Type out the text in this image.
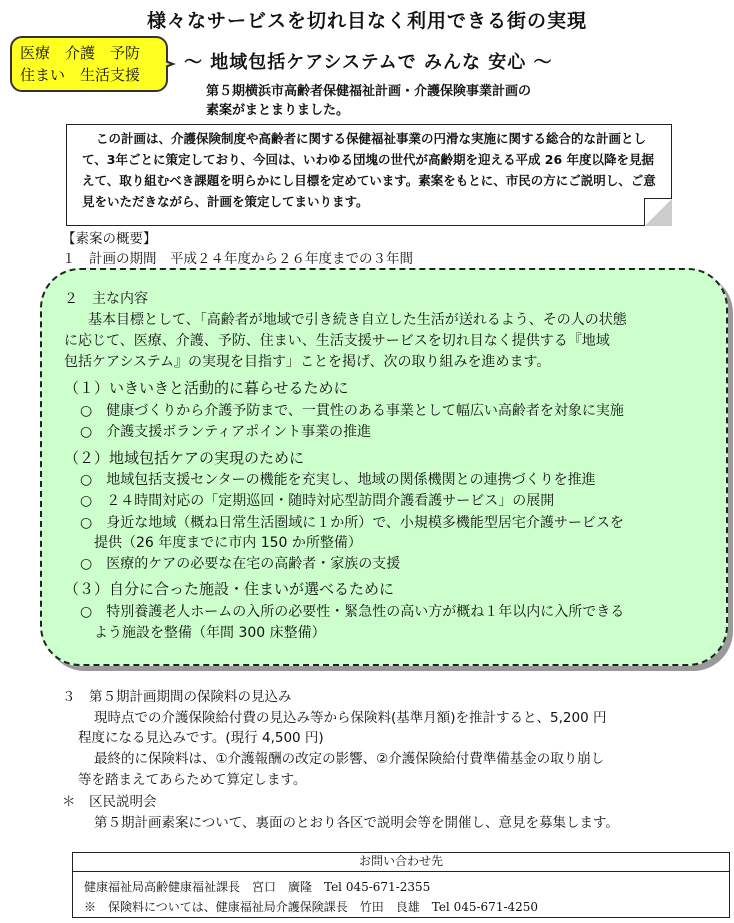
様々なサービスを切れ目なく利用できる街の実現
医療　介護　予防
住まい　生活支援
～ 地域包括ケアシステムで みんな 安心 ～
第５期横浜市高齢者保健福祉計画・介護保険事業計画の
素案がまとまりました。
この計画は、介護保険制度や高齢者に関する保健福祉事業の円滑な実施に関する総合的な計画として、3年ごとに策定しており、今回は、いわゆる団塊の世代が高齢期を迎える平成 26 年度以降を見据えて、取り組むべき課題を明らかにし目標を定めています。素案をもとに、市民の方にご説明し、ご意見をいただきながら、計画を策定してまいります。
【素案の概要】
１　計画の期間　平成２４年度から２６年度までの３年間
２　主な内容
基本目標として、「高齢者が地域で引き続き自立した生活が送れるよう、その人の状態
に応じて、医療、介護、予防、住まい、生活支援サービスを切れ目なく提供する『地域
包括ケアシステム』の実現を目指す」ことを掲げ、次の取り組みを進めます。
（１）いきいきと活動的に暮らせるために
○　健康づくりから介護予防まで、一貫性のある事業として幅広い高齢者を対象に実施
○　介護支援ボランティアポイント事業の推進
（２）地域包括ケアの実現のために
○　地域包括支援センターの機能を充実し、地域の関係機関との連携づくりを推進
○　２４時間対応の「定期巡回・随時対応型訪問介護看護サービス」の展開
○　身近な地域（概ね日常生活圏域に１か所）で、小規模多機能型居宅介護サービスを
提供（26 年度までに市内 150 か所整備）
○　医療的ケアの必要な在宅の高齢者・家族の支援
（３）自分に合った施設・住まいが選べるために
○　特別養護老人ホームの入所の必要性・緊急性の高い方が概ね１年以内に入所できる
よう施設を整備（年間 300 床整備）
３　第５期計画期間の保険料の見込み
現時点での介護保険給付費の見込み等から保険料(基準月額)を推計すると、5,200 円
程度になる見込みです。(現行 4,500 円)
最終的に保険料は、①介護報酬の改定の影響、②介護保険給付費準備基金の取り崩し
等を踏まえてあらためて算定します。
＊　区民説明会
第５期計画素案について、裏面のとおり各区で説明会等を開催し、意見を募集します。
お問い合わせ先
健康福祉局高齢健康福祉課長　宮口　廣隆　Tel 045-671-2355
※　保険料については、健康福祉局介護保険課長　竹田　良雄　Tel 045-671-4250
